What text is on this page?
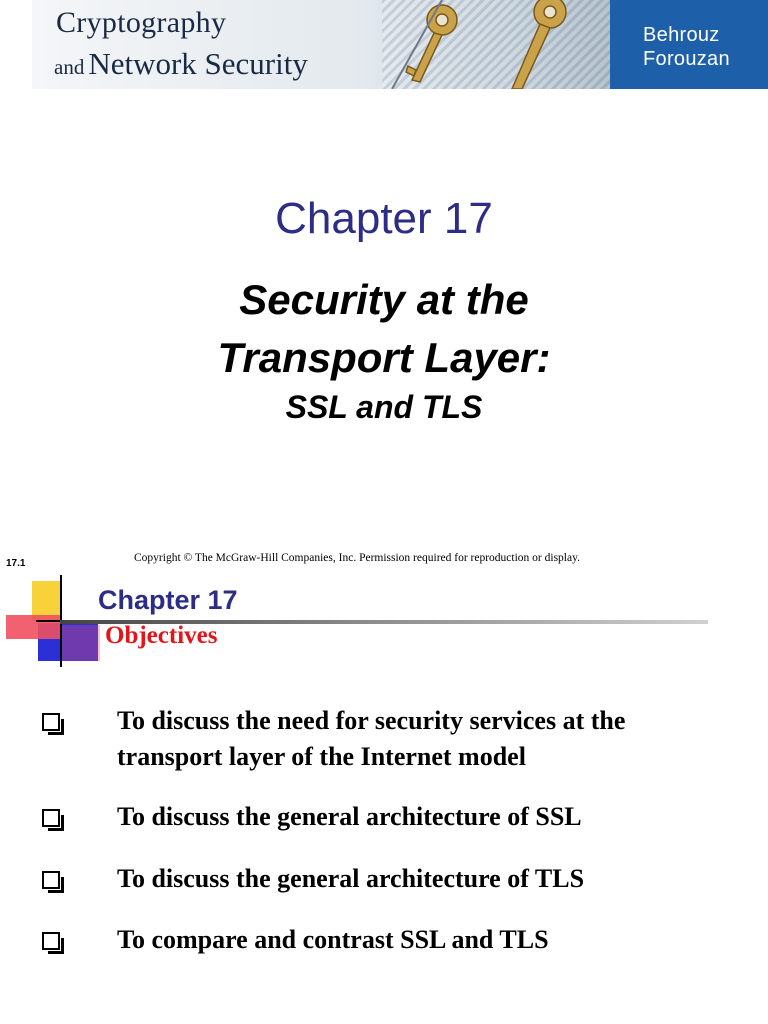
Cryptography
and Network Security
Behrouz
Forouzan
Chapter 17
Security at the
Transport Layer:
SSL and TLS
17.1	Copyright © The McGraw-Hill Companies, Inc. Permission required for reproduction or display.
Chapter 17
Objectives
To discuss the need for security services at the transport layer of the Internet model
To discuss the general architecture of SSL
To discuss the general architecture of TLS
To compare and contrast SSL and TLS
